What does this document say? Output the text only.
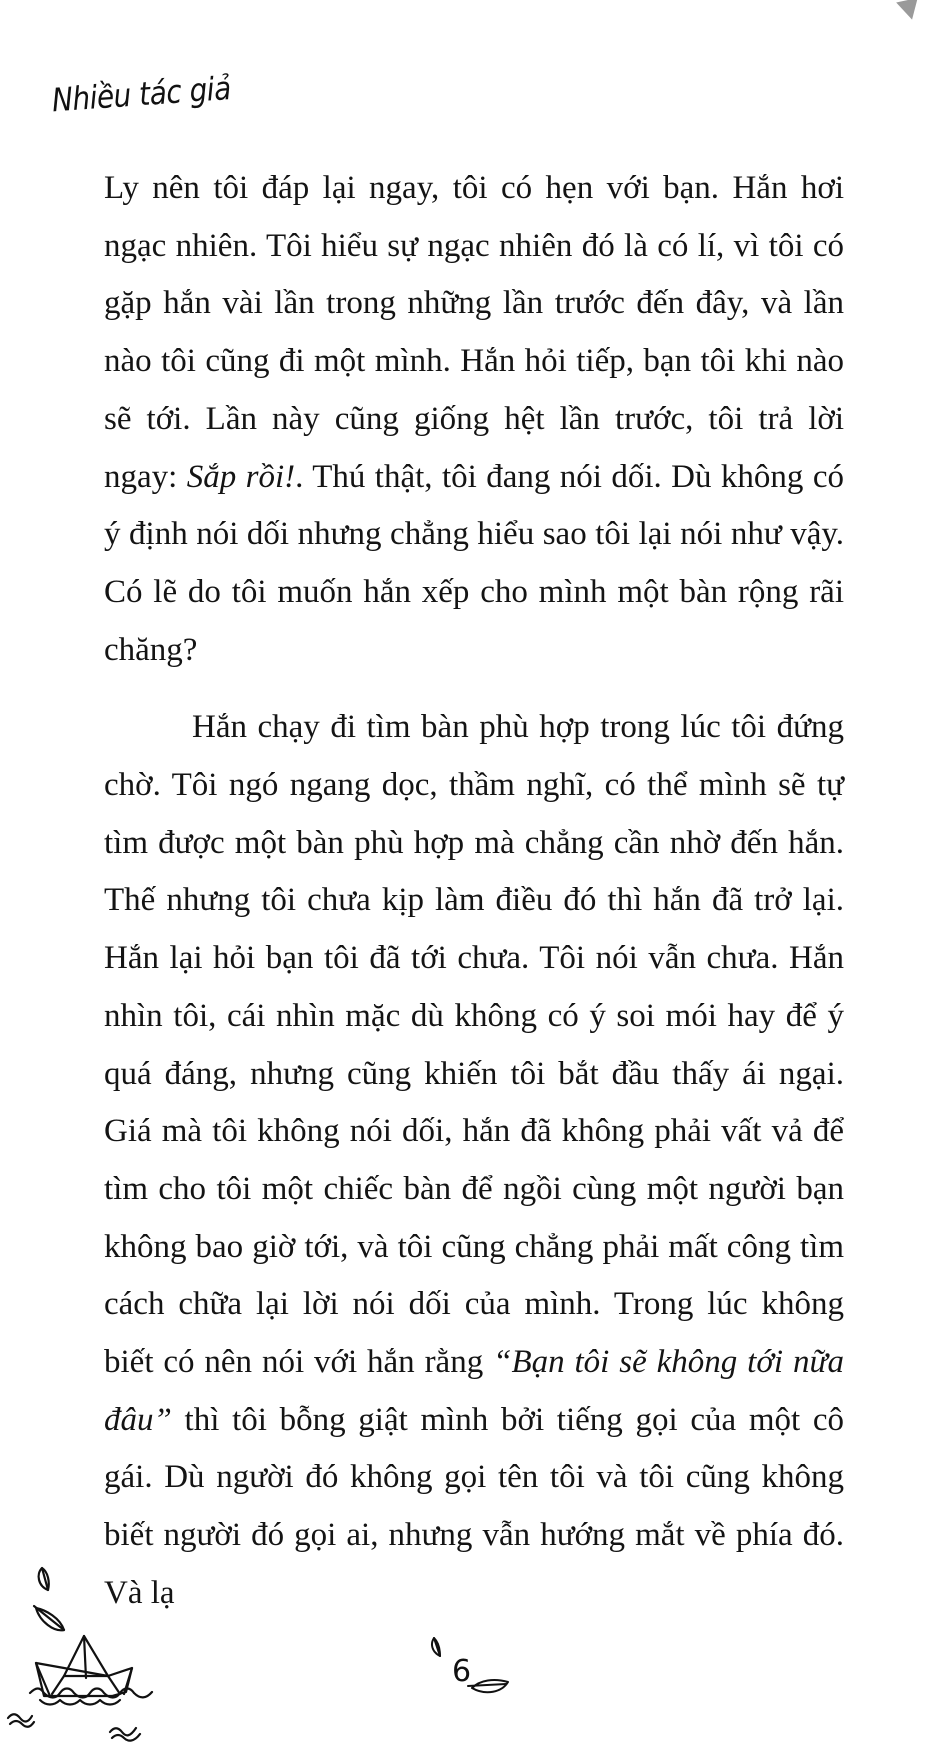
Nhiều tác giả

Ly nên tôi đáp lại ngay, tôi có hẹn với bạn. Hắn hơi ngạc nhiên. Tôi hiểu sự ngạc nhiên đó là có lí, vì tôi có gặp hắn vài lần trong những lần trước đến đây, và lần nào tôi cũng đi một mình. Hắn hỏi tiếp, bạn tôi khi nào sẽ tới. Lần này cũng giống hệt lần trước, tôi trả lời ngay: Sắp rồi!. Thú thật, tôi đang nói dối. Dù không có ý định nói dối nhưng chẳng hiểu sao tôi lại nói như vậy. Có lẽ do tôi muốn hắn xếp cho mình một bàn rộng rãi chăng?

Hắn chạy đi tìm bàn phù hợp trong lúc tôi đứng chờ. Tôi ngó ngang dọc, thầm nghĩ, có thể mình sẽ tự tìm được một bàn phù hợp mà chẳng cần nhờ đến hắn. Thế nhưng tôi chưa kịp làm điều đó thì hắn đã trở lại. Hắn lại hỏi bạn tôi đã tới chưa. Tôi nói vẫn chưa. Hắn nhìn tôi, cái nhìn mặc dù không có ý soi mói hay để ý quá đáng, nhưng cũng khiến tôi bắt đầu thấy ái ngại. Giá mà tôi không nói dối, hắn đã không phải vất vả để tìm cho tôi một chiếc bàn để ngồi cùng một người bạn không bao giờ tới, và tôi cũng chẳng phải mất công tìm cách chữa lại lời nói dối của mình. Trong lúc không biết có nên nói với hắn rằng “Bạn tôi sẽ không tới nữa đâu” thì tôi bỗng giật mình bởi tiếng gọi của một cô gái. Dù người đó không gọi tên tôi và tôi cũng không biết người đó gọi ai, nhưng vẫn hướng mắt về phía đó. Và lạ

6
